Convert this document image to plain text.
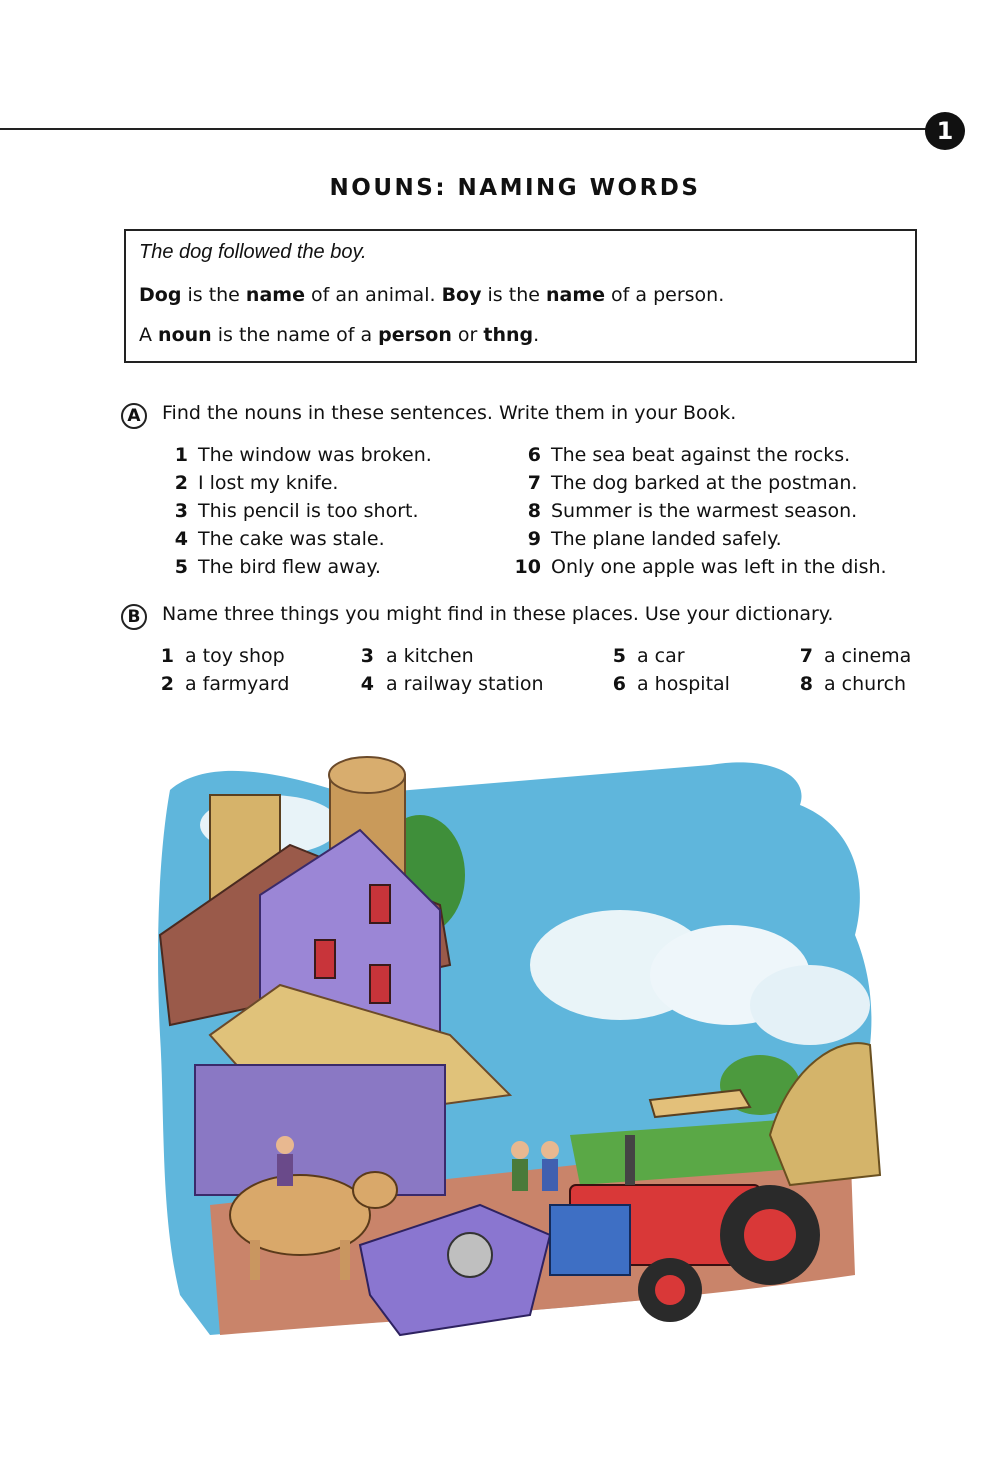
1
NOUNS: NAMING WORDS
The dog followed the boy.
Dog is the name of an animal. Boy is the name of a person.
A noun is the name of a person or thng.
A	Find the nouns in these sentences. Write them in your Book.
1 The window was broken.
2 I lost my knife.
3 This pencil is too short.
4 The cake was stale.
5 The bird flew away.
6 The sea beat against the rocks.
7 The dog barked at the postman.
8 Summer is the warmest season.
9 The plane landed safely.
10 Only one apple was left in the dish.
B	Name three things you might find in these places. Use your dictionary.
1 a toy shop
2 a farmyard
3 a kitchen
4 a railway station
5 a car
6 a hospital
7 a cinema
8 a church
